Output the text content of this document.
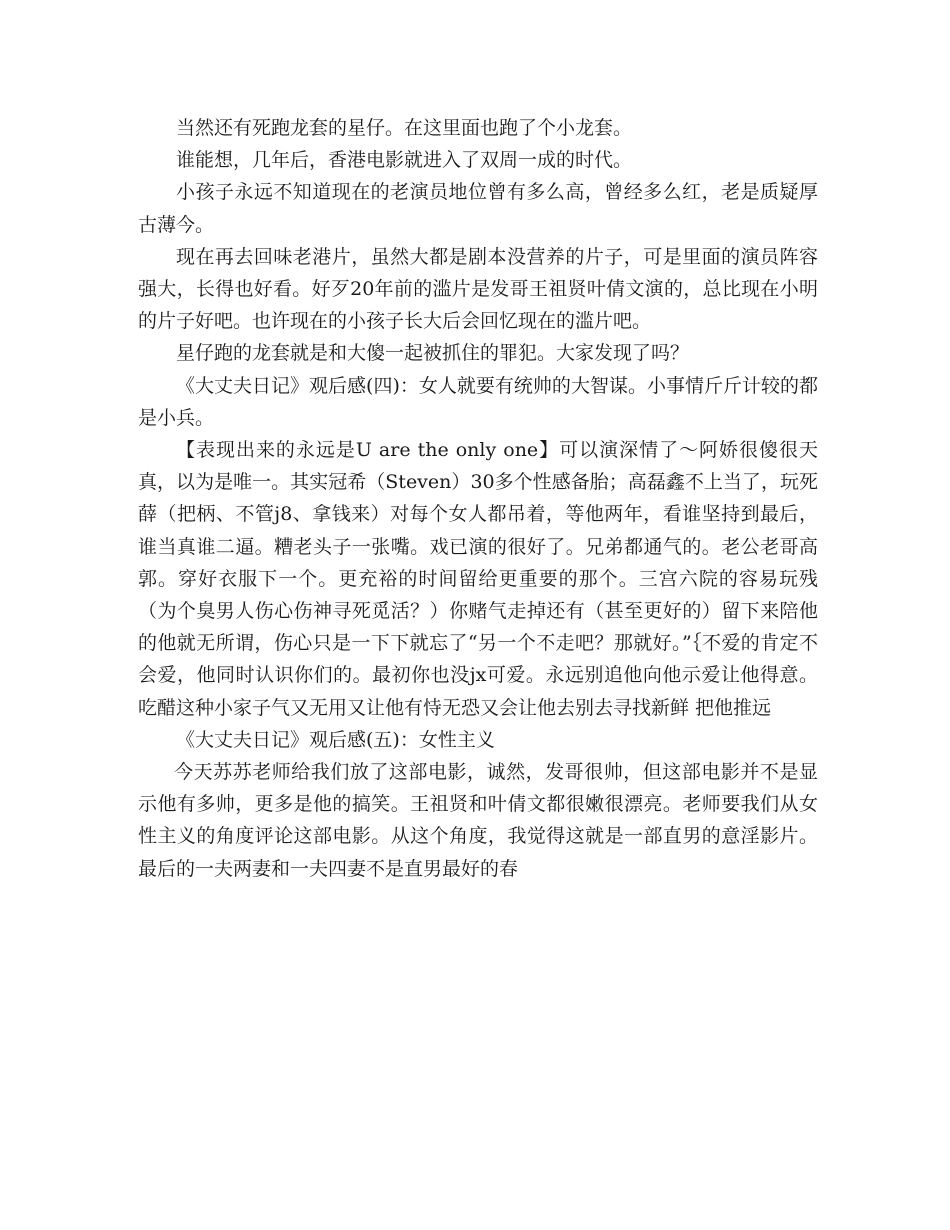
当然还有死跑龙套的星仔。在这里面也跑了个小龙套。

谁能想，几年后，香港电影就进入了双周一成的时代。

小孩子永远不知道现在的老演员地位曾有多么高，曾经多么红，老是质疑厚古薄今。

现在再去回味老港片，虽然大都是剧本没营养的片子，可是里面的演员阵容强大，长得也好看。好歹20年前的滥片是发哥王祖贤叶倩文演的，总比现在小明的片子好吧。也许现在的小孩子长大后会回忆现在的滥片吧。

星仔跑的龙套就是和大傻一起被抓住的罪犯。大家发现了吗？

《大丈夫日记》观后感(四)：女人就要有统帅的大智谋。小事情斤斤计较的都是小兵。

【表现出来的永远是U are the only one】可以演深情了～阿娇很傻很天真，以为是唯一。其实冠希（Steven）30多个性感备胎；高磊鑫不上当了，玩死薛（把柄、不管j8、拿钱来）对每个女人都吊着，等他两年，看谁坚持到最后，谁当真谁二逼。糟老头子一张嘴。戏已演的很好了。兄弟都通气的。老公老哥高郭。穿好衣服下一个。更充裕的时间留给更重要的那个。三宫六院的容易玩残（为个臭男人伤心伤神寻死觅活？）你赌气走掉还有（甚至更好的）留下来陪他的他就无所谓，伤心只是一下下就忘了“另一个不走吧？那就好。”｛不爱的肯定不会爱，他同时认识你们的。最初你也没jx可爱。永远别追他向他示爱让他得意。吃醋这种小家子气又无用又让他有恃无恐又会让他去别去寻找新鲜 把他推远

《大丈夫日记》观后感(五)：女性主义

今天苏苏老师给我们放了这部电影，诚然，发哥很帅，但这部电影并不是显示他有多帅，更多是他的搞笑。王祖贤和叶倩文都很嫩很漂亮。老师要我们从女性主义的角度评论这部电影。从这个角度，我觉得这就是一部直男的意淫影片。最后的一夫两妻和一夫四妻不是直男最好的春
